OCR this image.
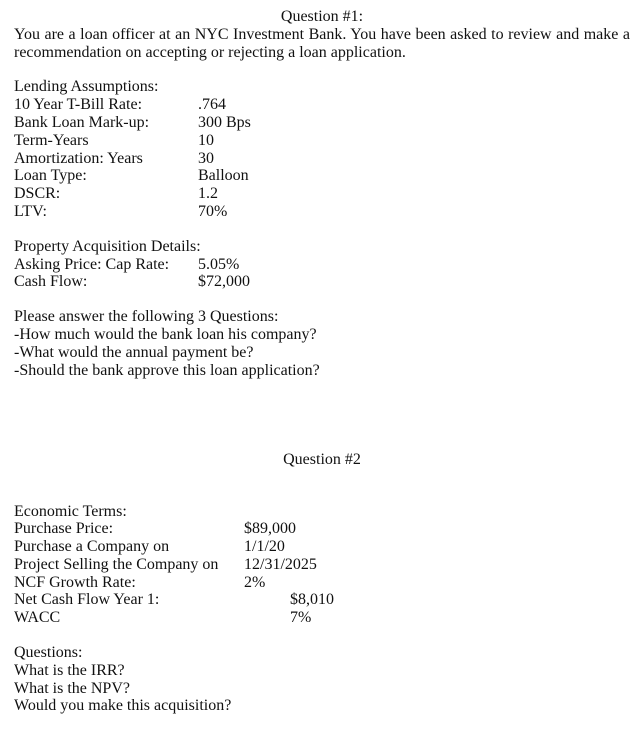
Question #1:
You are a loan officer at an NYC Investment Bank. You have been asked to review and make a
recommendation on accepting or rejecting a loan application.
Lending Assumptions:
10 Year T-Bill Rate:	.764
Bank Loan Mark-up:	300 Bps
Term-Years	10
Amortization: Years	30
Loan Type:	Balloon
DSCR:	1.2
LTV:	70%
Property Acquisition Details:
Asking Price: Cap Rate: 5.05%
Cash Flow:	$72,000
Please answer the following 3 Questions:
-How much would the bank loan his company?
-What would the annual payment be?
-Should the bank approve this loan application?
Question #2
Economic Terms:
Purchase Price:	$89,000
Purchase a Company on	1/1/20
Project Selling the Company on 12/31/2025
NCF Growth Rate:	2%
Net Cash Flow Year 1:	$8,010
WACC	7%
Questions:
What is the IRR?
What is the NPV?
Would you make this acquisition?
